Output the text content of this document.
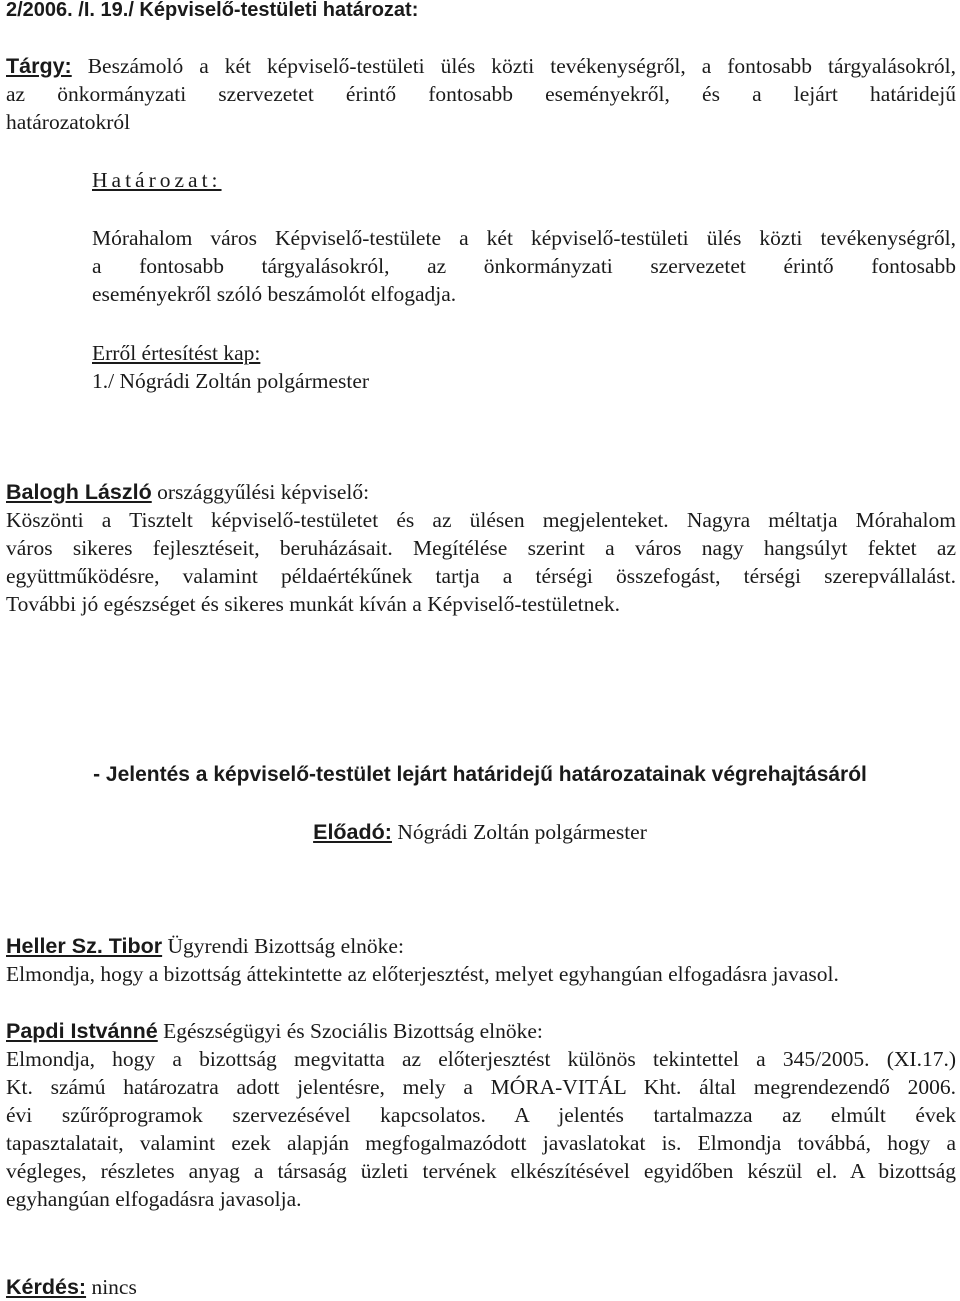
2/2006. /I. 19./ Képviselő-testületi határozat:
Tárgy: Beszámoló a két képviselő-testületi ülés közti tevékenységről, a fontosabb tárgyalásokról,
az önkormányzati szervezetet érintő fontosabb eseményekről, és a lejárt határidejű
határozatokról
Határozat:
Mórahalom város Képviselő-testülete a két képviselő-testületi ülés közti tevékenységről,
a fontosabb tárgyalásokról, az önkormányzati szervezetet érintő fontosabb
eseményekről szóló beszámolót elfogadja.
Erről értesítést kap:
1./ Nógrádi Zoltán polgármester
Balogh László országgyűlési képviselő:
Köszönti a Tisztelt képviselő-testületet és az ülésen megjelenteket. Nagyra méltatja Mórahalom
város sikeres fejlesztéseit, beruházásait. Megítélése szerint a város nagy hangsúlyt fektet az
együttműködésre, valamint példaértékűnek tartja a térségi összefogást, térségi szerepvállalást.
További jó egészséget és sikeres munkát kíván a Képviselő-testületnek.
- Jelentés a képviselő-testület lejárt határidejű határozatainak végrehajtásáról
Előadó: Nógrádi Zoltán polgármester
Heller Sz. Tibor Ügyrendi Bizottság elnöke:
Elmondja, hogy a bizottság áttekintette az előterjesztést, melyet egyhangúan elfogadásra javasol.
Papdi Istvánné Egészségügyi és Szociális Bizottság elnöke:
Elmondja, hogy a bizottság megvitatta az előterjesztést különös tekintettel a 345/2005. (XI.17.)
Kt. számú határozatra adott jelentésre, mely a MÓRA-VITÁL Kht. által megrendezendő 2006.
évi szűrőprogramok szervezésével kapcsolatos. A jelentés tartalmazza az elmúlt évek
tapasztalatait, valamint ezek alapján megfogalmazódott javaslatokat is. Elmondja továbbá, hogy a
végleges, részletes anyag a társaság üzleti tervének elkészítésével egyidőben készül el. A bizottság
egyhangúan elfogadásra javasolja.
Kérdés: nincs
